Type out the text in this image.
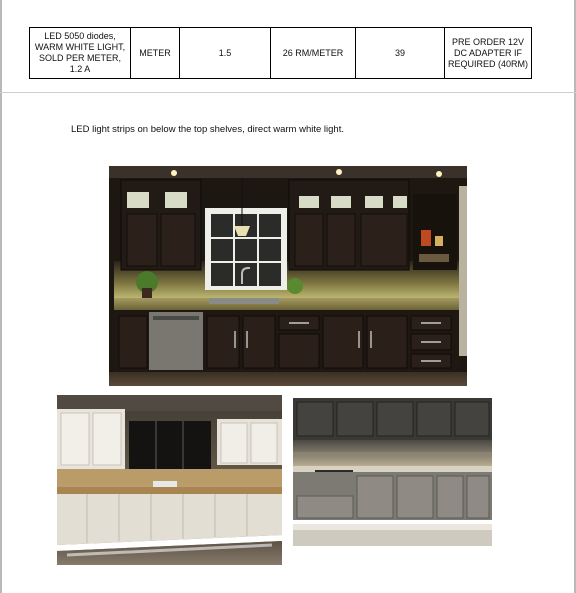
LED 5050 diodes, WARM WHITE LIGHT, SOLD PER METER, 1.2 A	METER	1.5	26 RM/METER	39	PRE ORDER 12V DC ADAPTER IF REQUIRED (40RM)
LED light strips on below the top shelves, direct warm white light.
